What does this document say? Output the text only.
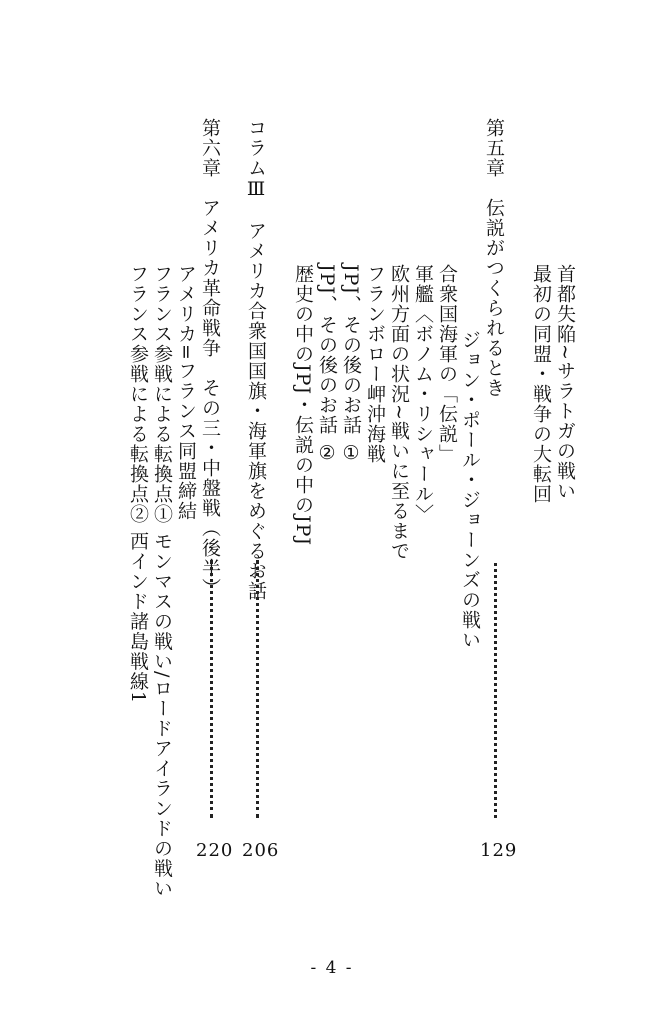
首都失陥~サラトガの戦い
最初の同盟・戦争の大転回
第五章　伝説がつくられるとき
ジョン・ポール・ジョーンズの戦い
129
合衆国海軍の「伝説」
軍艦〈ボノム・リシャール〉
欧州方面の状況~戦いに至るまで
フランボロー岬沖海戦
JPJ、その後のお話 ①
JPJ、その後のお話 ②
歴史の中のJPJ・伝説の中のJPJ
コラムⅢ　アメリカ合衆国国旗・海軍旗をめぐるお話
206
第六章　アメリカ革命戦争　その三・中盤戦（後半）
220
アメリカ=フランス同盟締結
フランス参戦による転換点① モンマスの戦い/ロードアイランドの戦い
フランス参戦による転換点② 西インド諸島戦線1
- 4 -
